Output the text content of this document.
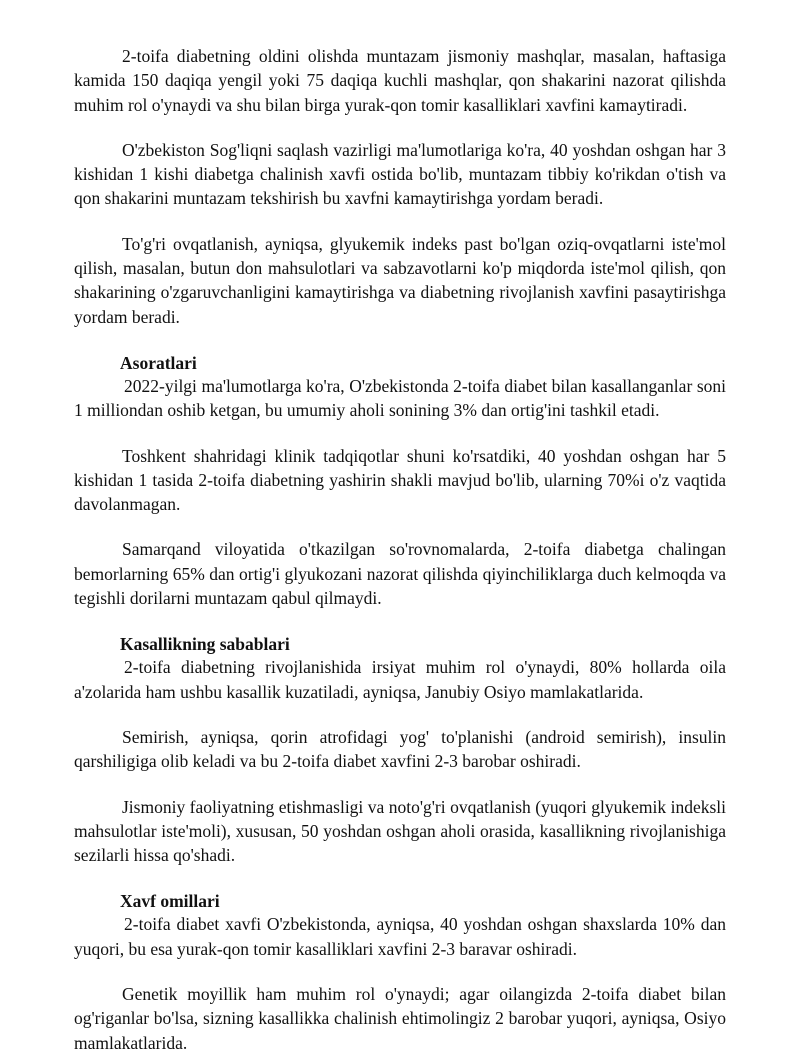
2-toifa diabetning oldini olishda muntazam jismoniy mashqlar, masalan, haftasiga kamida 150 daqiqa yengil yoki 75 daqiqa kuchli mashqlar, qon shakarini nazorat qilishda muhim rol o'ynaydi va shu bilan birga yurak-qon tomir kasalliklari xavfini kamaytiradi.

O'zbekiston Sog'liqni saqlash vazirligi ma'lumotlariga ko'ra, 40 yoshdan oshgan har 3 kishidan 1 kishi diabetga chalinish xavfi ostida bo'lib, muntazam tibbiy ko'rikdan o'tish va qon shakarini muntazam tekshirish bu xavfni kamaytirishga yordam beradi.

To'g'ri ovqatlanish, ayniqsa, glyukemik indeks past bo'lgan oziq-ovqatlarni iste'mol qilish, masalan, butun don mahsulotlari va sabzavotlarni ko'p miqdorda iste'mol qilish, qon shakarining o'zgaruvchanligini kamaytirishga va diabetning rivojlanish xavfini pasaytirishga yordam beradi.

Asoratlari

2022-yilgi ma'lumotlarga ko'ra, O'zbekistonda 2-toifa diabet bilan kasallanganlar soni 1 milliondan oshib ketgan, bu umumiy aholi sonining 3% dan ortig'ini tashkil etadi.

Toshkent shahridagi klinik tadqiqotlar shuni ko'rsatdiki, 40 yoshdan oshgan har 5 kishidan 1 tasida 2-toifa diabetning yashirin shakli mavjud bo'lib, ularning 70%i o'z vaqtida davolanmagan.

Samarqand viloyatida o'tkazilgan so'rovnomalarda, 2-toifa diabetga chalingan bemorlarning 65% dan ortig'i glyukozani nazorat qilishda qiyinchiliklarga duch kelmoqda va tegishli dorilarni muntazam qabul qilmaydi.

Kasallikning sabablari

2-toifa diabetning rivojlanishida irsiyat muhim rol o'ynaydi, 80% hollarda oila a'zolarida ham ushbu kasallik kuzatiladi, ayniqsa, Janubiy Osiyo mamlakatlarida.

Semirish, ayniqsa, qorin atrofidagi yog' to'planishi (android semirish), insulin qarshiligiga olib keladi va bu 2-toifa diabet xavfini 2-3 barobar oshiradi.

Jismoniy faoliyatning etishmasligi va noto'g'ri ovqatlanish (yuqori glyukemik indeksli mahsulotlar iste'moli), xususan, 50 yoshdan oshgan aholi orasida, kasallikning rivojlanishiga sezilarli hissa qo'shadi.

Xavf omillari

2-toifa diabet xavfi O'zbekistonda, ayniqsa, 40 yoshdan oshgan shaxslarda 10% dan yuqori, bu esa yurak-qon tomir kasalliklari xavfini 2-3 baravar oshiradi.

Genetik moyillik ham muhim rol o'ynaydi; agar oilangizda 2-toifa diabet bilan og'riganlar bo'lsa, sizning kasallikka chalinish ehtimolingiz 2 barobar yuqori, ayniqsa, Osiyo mamlakatlarida.
